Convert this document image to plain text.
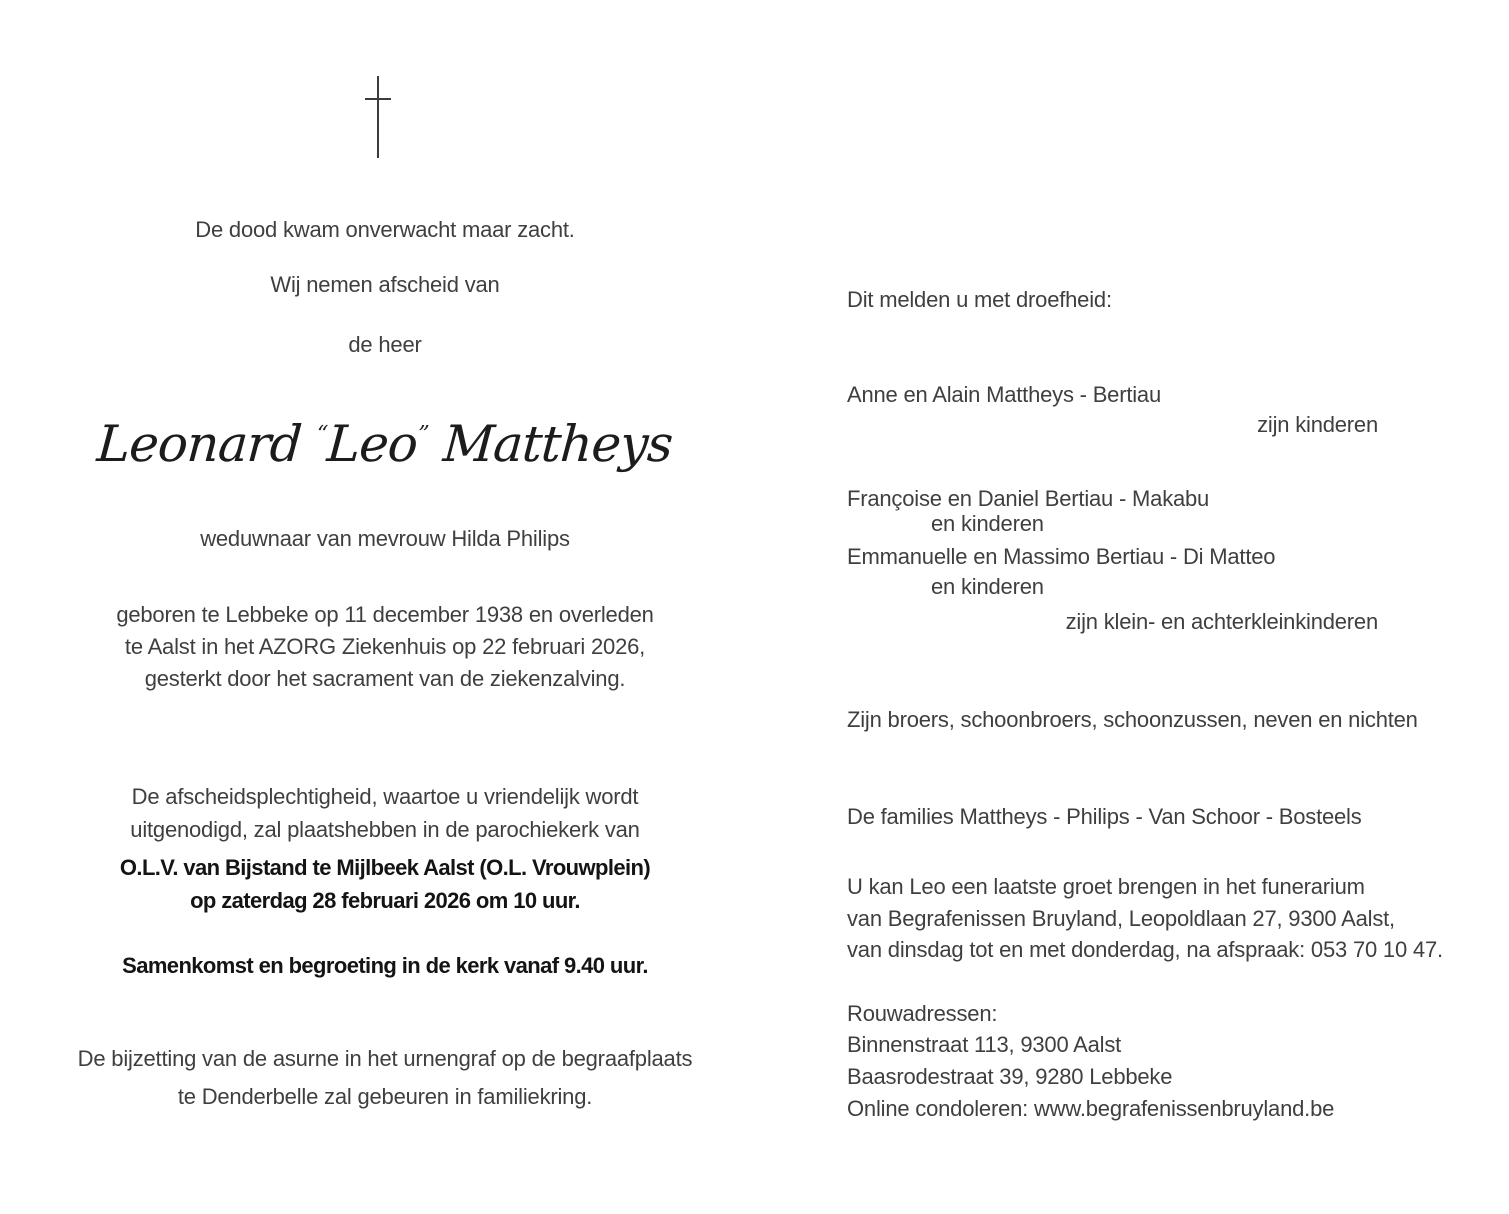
De dood kwam onverwacht maar zacht.
Wij nemen afscheid van
de heer
Leonard “Leo” Mattheys
weduwnaar van mevrouw Hilda Philips
geboren te Lebbeke op 11 december 1938 en overleden
te Aalst in het AZORG Ziekenhuis op 22 februari 2026,
gesterkt door het sacrament van de ziekenzalving.
De afscheidsplechtigheid, waartoe u vriendelijk wordt
uitgenodigd, zal plaatshebben in de parochiekerk van
O.L.V. van Bijstand te Mijlbeek Aalst (O.L. Vrouwplein)
op zaterdag 28 februari 2026 om 10 uur.
Samenkomst en begroeting in de kerk vanaf 9.40 uur.
De bijzetting van de asurne in het urnengraf op de begraafplaats
te Denderbelle zal gebeuren in familiekring.
Dit melden u met droefheid:
Anne en Alain Mattheys - Bertiau
zijn kinderen
Françoise en Daniel Bertiau - Makabu
en kinderen
Emmanuelle en Massimo Bertiau - Di Matteo
en kinderen
zijn klein- en achterkleinkinderen
Zijn broers, schoonbroers, schoonzussen, neven en nichten
De families Mattheys - Philips - Van Schoor - Bosteels
U kan Leo een laatste groet brengen in het funerarium
van Begrafenissen Bruyland, Leopoldlaan 27, 9300 Aalst,
van dinsdag tot en met donderdag, na afspraak: 053 70 10 47.
Rouwadressen:
Binnenstraat 113, 9300 Aalst
Baasrodestraat 39, 9280 Lebbeke
Online condoleren: www.begrafenissenbruyland.be
